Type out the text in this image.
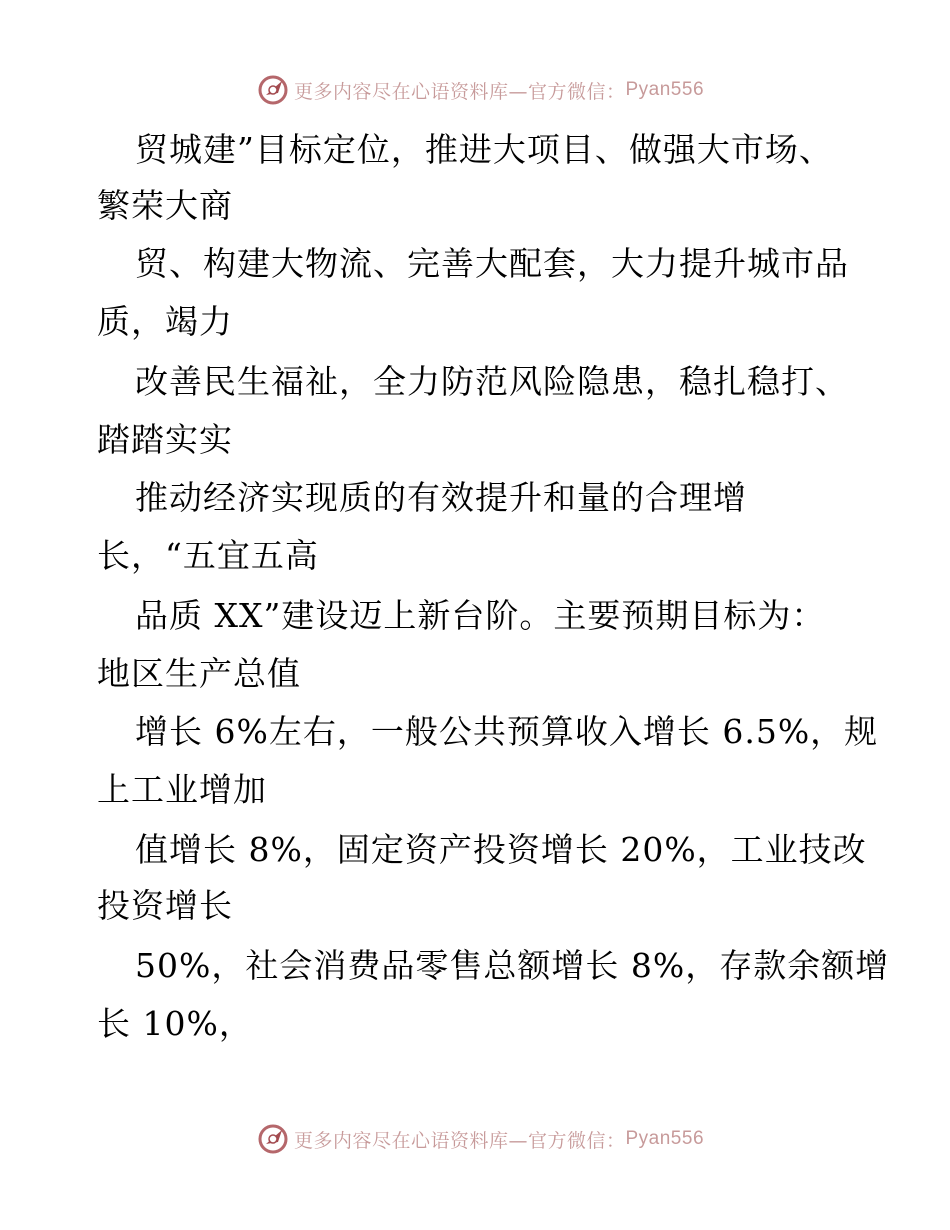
更多内容尽在心语资料库—官方微信： Pyan556
贸城建”目标定位，推进大项目、做强大市场、
繁荣大商
贸、构建大物流、完善大配套，大力提升城市品
质，竭力
改善民生福祉，全力防范风险隐患，稳扎稳打、
踏踏实实
推动经济实现质的有效提升和量的合理增
长，“五宜五高
品质 XX”建设迈上新台阶。主要预期目标为：
地区生产总值
增长 6%左右，一般公共预算收入增长 6.5%，规
上工业增加
值增长 8%，固定资产投资增长 20%，工业技改
投资增长
50%，社会消费品零售总额增长 8%，存款余额增
长 10%，
更多内容尽在心语资料库—官方微信： Pyan556
